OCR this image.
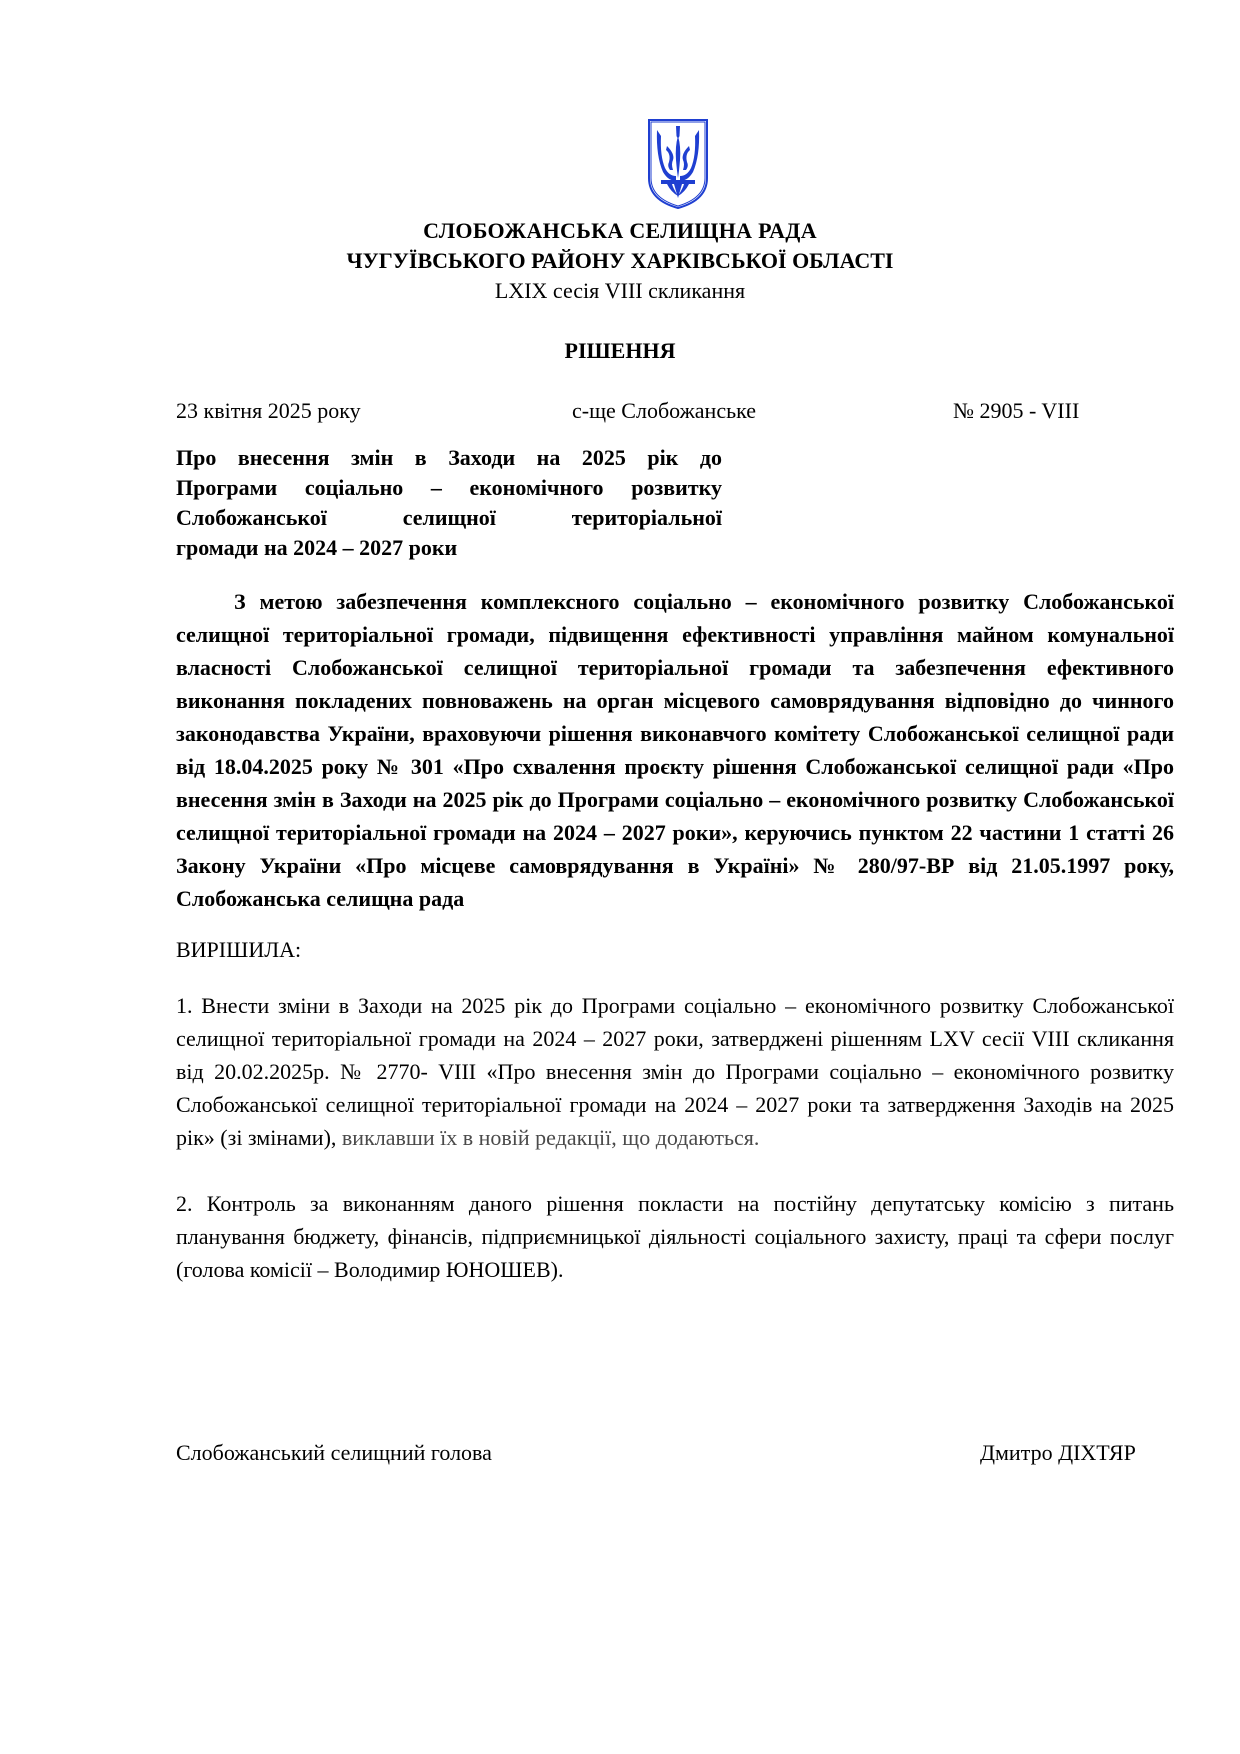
СЛОБОЖАНСЬКА СЕЛИЩНА РАДА
ЧУГУЇВСЬКОГО РАЙОНУ ХАРКІВСЬКОЇ ОБЛАСТІ
LXIX сесія VIII скликання
РІШЕННЯ
23 квітня 2025 року	с-ще Слобожанське	№ 2905 - VIII
Про внесення змін в Заходи на 2025 рік до
Програми соціально – економічного розвитку
Слобожанської селищної територіальної
громади на 2024 – 2027 роки
З метою забезпечення комплексного соціально – економічного розвитку Слобожанської селищної територіальної громади, підвищення ефективності управління майном комунальної власності Слобожанської селищної територіальної громади та забезпечення ефективного виконання покладених повноважень на орган місцевого самоврядування відповідно до чинного законодавства України, враховуючи рішення виконавчого комітету Слобожанської селищної ради від 18.04.2025 року № 301 «Про схвалення проєкту рішення Слобожанської селищної ради «Про внесення змін в Заходи на 2025 рік до Програми соціально – економічного розвитку Слобожанської селищної територіальної громади на 2024 – 2027 роки», керуючись пунктом 22 частини 1 статті 26 Закону України «Про місцеве самоврядування в Україні» № 280/97-ВР від 21.05.1997 року, Слобожанська селищна рада
ВИРІШИЛА:
1. Внести зміни в Заходи на 2025 рік до Програми соціально – економічного розвитку Слобожанської селищної територіальної громади на 2024 – 2027 роки, затверджені рішенням LXV сесії VIII скликання від 20.02.2025р. № 2770- VIII «Про внесення змін до Програми соціально – економічного розвитку Слобожанської селищної територіальної громади на 2024 – 2027 роки та затвердження Заходів на 2025 рік» (зі змінами), виклавши їх в новій редакції, що додаються.
2. Контроль за виконанням даного рішення покласти на постійну депутатську комісію з питань планування бюджету, фінансів, підприємницької діяльності соціального захисту, праці та сфери послуг (голова комісії – Володимир ЮНОШЕВ).
Слобожанський селищний голова	Дмитро ДІХТЯР
